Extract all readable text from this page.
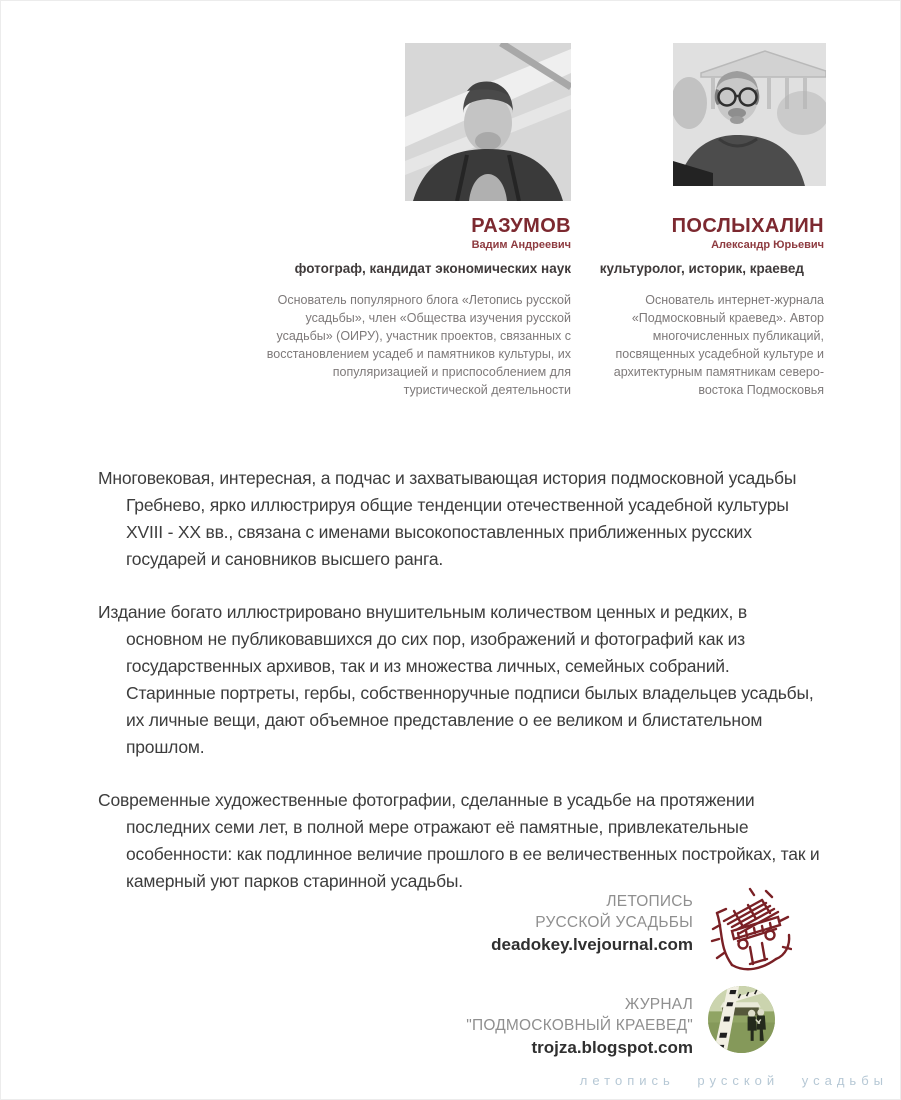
РАЗУМОВ
Вадим Андреевич
фотограф, кандидат экономических наук
Основатель популярного блога «Летопись русской усадьбы», член «Общества изучения русской усадьбы» (ОИРУ), участник проектов, связанных с восстановлением усадеб и памятников культуры, их популяризацией и приспособлением для туристической деятельности
ПОСЛЫХАЛИН
Александр Юрьевич
культуролог, историк, краевед
Основатель интернет-журнала «Подмосковный краевед». Автор многочисленных публикаций, посвященных усадебной культуре и архитектурным памятникам северо-востока Подмосковья

Многовековая, интересная, а подчас и захватывающая история подмосковной усадьбы Гребнево, ярко иллюстрируя общие тенденции отечественной усадебной культуры XVIII - XX вв., связана с именами высокопоставленных приближенных русских государей и сановников высшего ранга.

Издание богато иллюстрировано внушительным количеством ценных и редких, в основном не публиковавшихся до сих пор, изображений и фотографий как из государственных архивов, так и из множества личных, семейных собраний. Старинные портреты, гербы, собственноручные подписи былых владельцев усадьбы, их личные вещи, дают объемное представление о ее великом и блистательном прошлом.

Современные художественные фотографии, сделанные в усадьбе на протяжении последних семи лет, в полной мере отражают её памятные, привлекательные особенности: как подлинное величие прошлого в ее величественных постройках, так и камерный уют парков старинной усадьбы.

ЛЕТОПИСЬ
РУССКОЙ УСАДЬБЫ
deadokey.lvejournal.com
ЖУРНАЛ
"ПОДМОСКОВНЫЙ КРАЕВЕД"
trojza.blogspot.com
летопись русской усадьбы
